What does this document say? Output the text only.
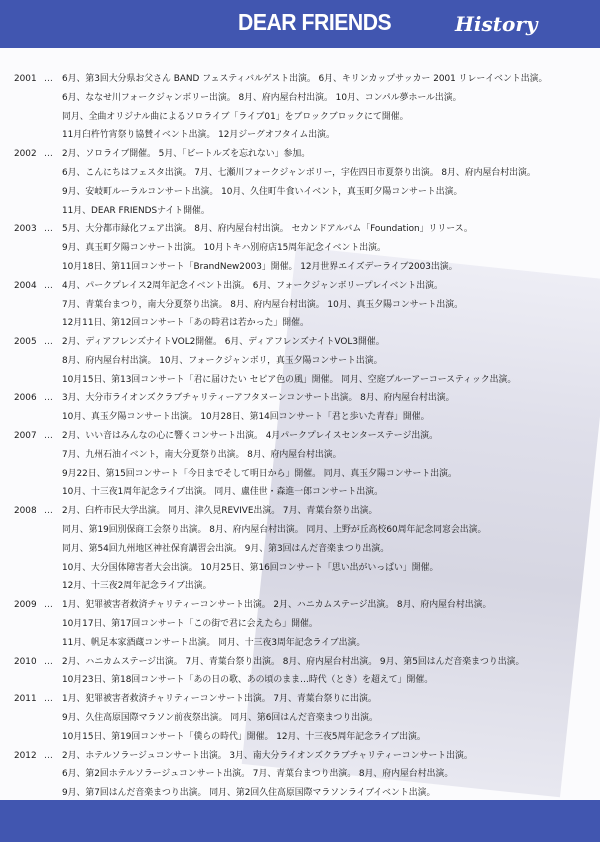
DEAR FRIENDS	History
2001 …	6月、第3回大分県お父さん BAND フェスティバルゲスト出演。 6月、キリンカップサッカー 2001 リレーイベント出演。
6月、ななせ川フォークジャンボリー出演。 8月、府内屋台村出演。 10月、コンパル夢ホール出演。
同月、全曲オリジナル曲によるソロライブ「ライブ01」をブロックブロックにて開催。
11月臼杵竹宵祭り協賛イベント出演。 12月ジーグオフタイム出演。
2002 …	2月、ソロライブ開催。 5月、「ビートルズを忘れない」参加。
6月、こんにちはフェスタ出演。 7月、七瀬川フォークジャンボリー，宇佐四日市夏祭り出演。 8月、府内屋台村出演。
9月、安岐町ルーラルコンサート出演。 10月、久住町牛食いイベント，真玉町夕陽コンサート出演。
11月、DEAR FRIENDSナイト開催。
2003 …	5月、大分都市緑化フェア出演。 8月、府内屋台村出演。 セカンドアルバム「Foundation」リリース。
9月、真玉町夕陽コンサート出演。 10月トキハ別府店15周年記念イベント出演。
10月18日、第11回コンサート「BrandNew2003」開催。 12月世界エイズデーライブ2003出演。
2004 …	4月、パークプレイス2周年記念イベント出演。 6月、フォークジャンボリープレイベント出演。
7月、青葉台まつり，南大分夏祭り出演。 8月、府内屋台村出演。 10月、真玉夕陽コンサート出演。
12月11日、第12回コンサート「あの時君は若かった」開催。
2005 …	2月、ディアフレンズナイトVOL2開催。 6月、ディアフレンズナイトVOL3開催。
8月、府内屋台村出演。 10月、フォークジャンボリ，真玉夕陽コンサート出演。
10月15日、第13回コンサート「君に届けたい セピア色の風」開催。 同月、空庭ブルーアーコースティック出演。
2006 …	3月、大分市ライオンズクラブチャリティーアフタヌーンコンサート出演。 8月、府内屋台村出演。
10月、真玉夕陽コンサート出演。 10月28日、第14回コンサート「君と歩いた青春」開催。
2007 …	2月、いい音はみんなの心に響くコンサート出演。 4月パークプレイスセンターステージ出演。
7月、九州石油イベント，南大分夏祭り出演。 8月、府内屋台村出演。
9月22日、第15回コンサート「今日までそして明日から」開催。 同月、真玉夕陽コンサート出演。
10月、十三夜1周年記念ライブ出演。 同月、盧佳世・森進一郎コンサート出演。
2008 …	2月、臼杵市民大学出演。 同月、津久見REVIVE出演。 7月、青葉台祭り出演。
同月、第19回別保商工会祭り出演。 8月、府内屋台村出演。 同月、上野が丘高校60周年記念同窓会出演。
同月、第54回九州地区神社保育講習会出演。 9月、第3回はんだ音楽まつり出演。
10月、大分国体障害者大会出演。 10月25日、第16回コンサート「思い出がいっぱい」開催。
12月、十三夜2周年記念ライブ出演。
2009 …	1月、犯罪被害者救済チャリティーコンサート出演。 2月、ハニカムステージ出演。 8月、府内屋台村出演。
10月17日、第17回コンサート「この街で君に会えたら」開催。
11月、帆足本家酒蔵コンサート出演。 同月、十三夜3周年記念ライブ出演。
2010 …	2月、ハニカムステージ出演。 7月、青葉台祭り出演。 8月、府内屋台村出演。 9月、第5回はんだ音楽まつり出演。
10月23日、第18回コンサート「あの日の歌、あの頃のまま…時代（とき）を超えて」開催。
2011 …	1月、犯罪被害者救済チャリティーコンサート出演。 7月、青葉台祭りに出演。
9月、久住高原国際マラソン前夜祭出演。 同月、第6回はんだ音楽まつり出演。
10月15日、第19回コンサート「僕らの時代」開催。 12月、十三夜5周年記念ライブ出演。
2012 …	2月、ホテルソラージュコンサート出演。 3月、南大分ライオンズクラブチャリティーコンサート出演。
6月、第2回ホテルソラージュコンサート出演。 7月、青葉台まつり出演。 8月、府内屋台村出演。
9月、第7回はんだ音楽まつり出演。 同月、第2回久住高原国際マラソンライブイベント出演。
